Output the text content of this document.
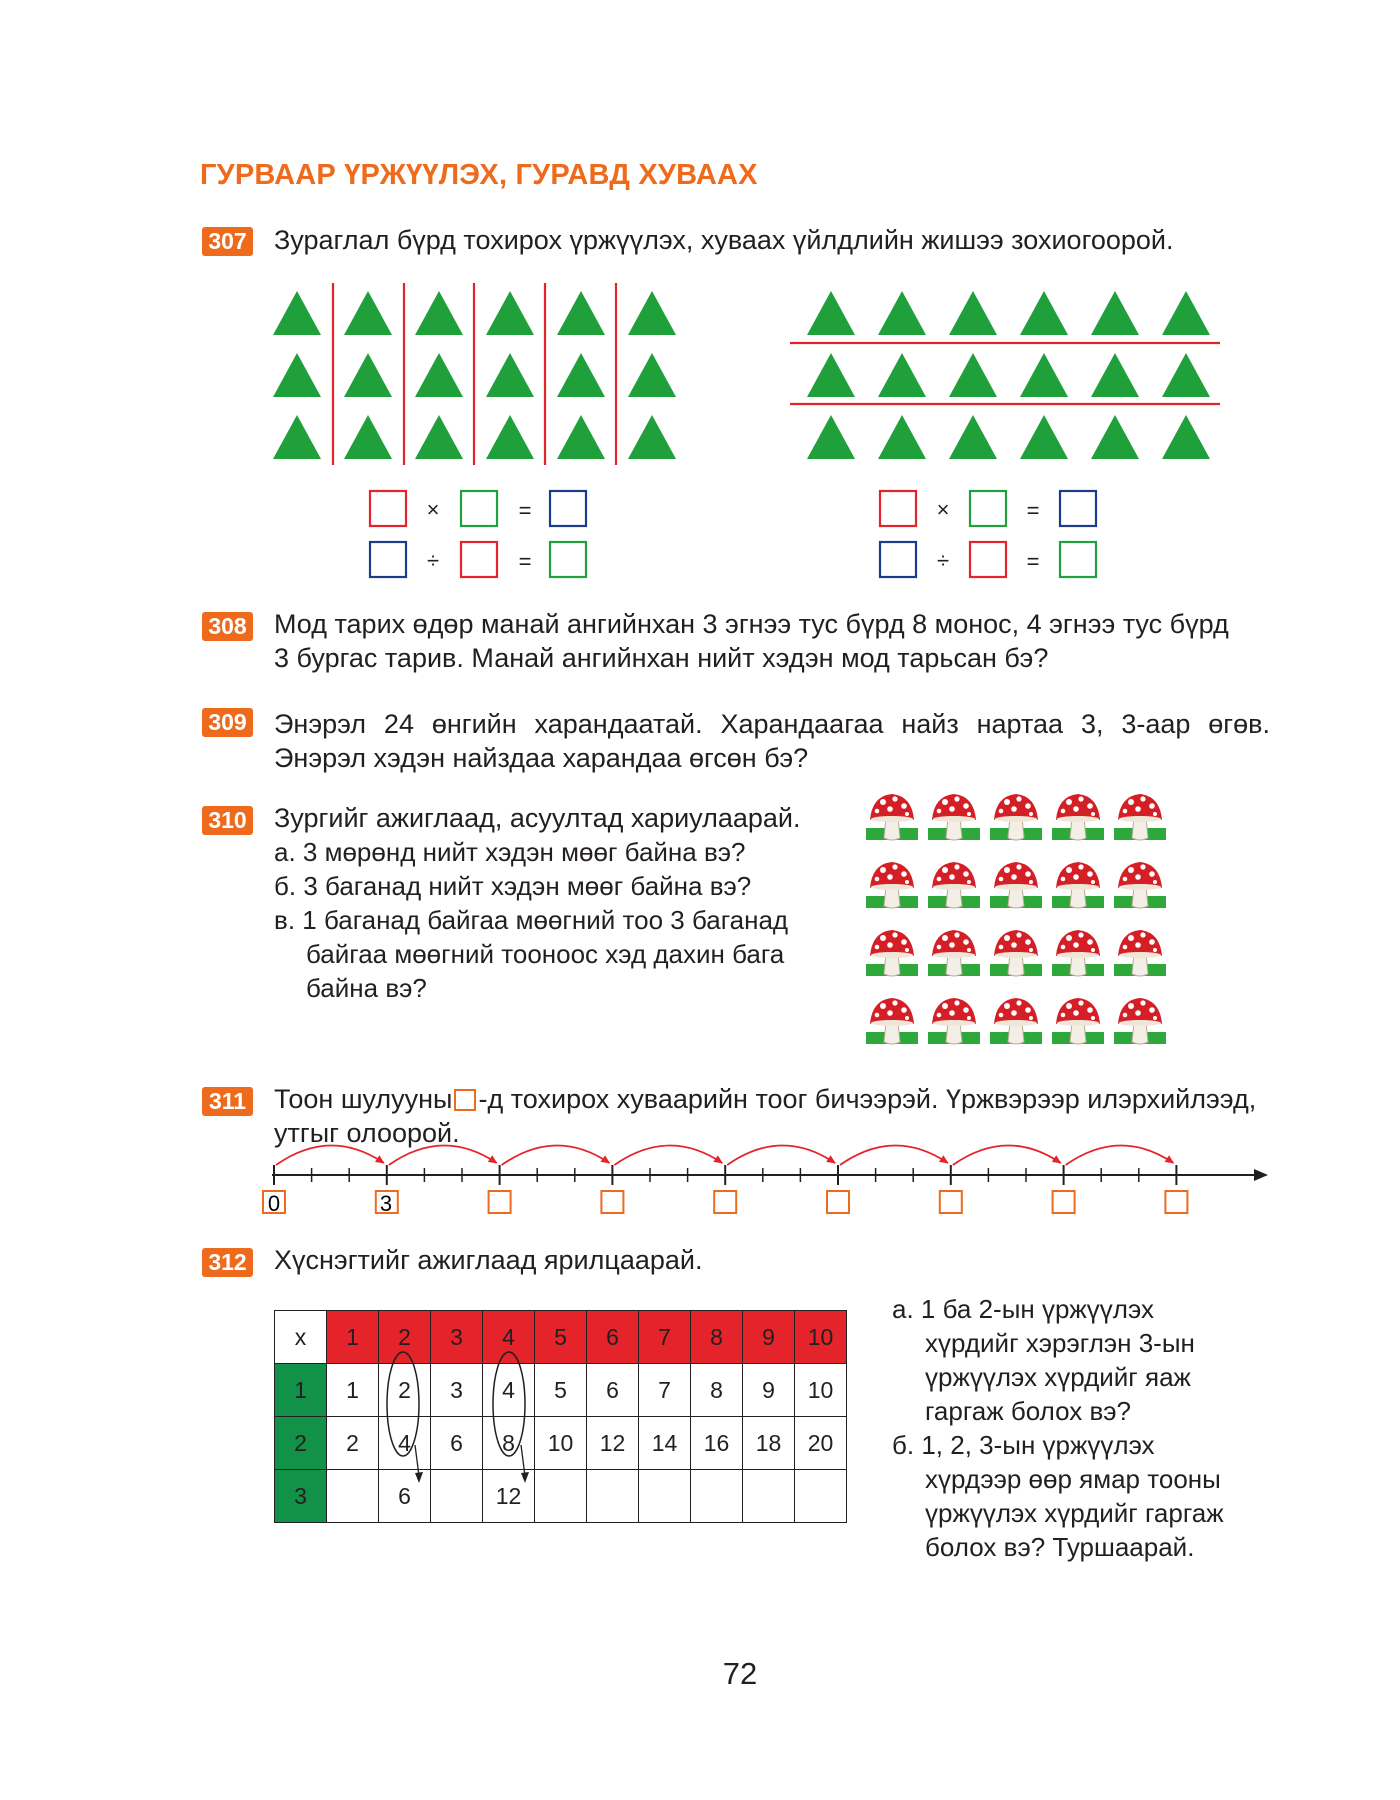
ГУРВААР ҮРЖҮҮЛЭХ, ГУРАВД ХУВААХ
307 Зураглал бүрд тохирох үржүүлэх, хуваах үйлдлийн жишээ зохиогоорой.
×	=
÷	=
×	=
÷	=
308 Мод тарих өдөр манай ангийнхан 3 эгнээ тус бүрд 8 монос, 4 эгнээ тус бүрд
3 бургас тарив. Манай ангийнхан нийт хэдэн мод тарьсан бэ?
309 Энэрэл 24 өнгийн харандаатай. Харандаагаа найз нартаа 3, 3-аар өгөв.
Энэрэл хэдэн найздаа харандаа өгсөн бэ?
310 Зургийг ажиглаад, асуултад хариулаарай.
а. 3 мөрөнд нийт хэдэн мөөг байна вэ?
б. 3 баганад нийт хэдэн мөөг байна вэ?
в. 1 баганад байгаа мөөгний тоо 3 баганад
байгаа мөөгний тооноос хэд дахин бага
байна вэ?
311 Тоон шулууны -д тохирох хуваарийн тоог бичээрэй. Үржвэрээр илэрхийлээд,
утгыг олоорой.
0	3
312 Хүснэгтийг ажиглаад ярилцаарай.
x	1	2	3	4	5	6	7	8	9	10
1	1	2	3	4	5	6	7	8	9	10
2	2	4	6	8	10	12	14	16	18	20
3		6		12						
а. 1 ба 2-ын үржүүлэх
хүрдийг хэрэглэн 3-ын
үржүүлэх хүрдийг яаж
гаргаж болох вэ?
б. 1, 2, 3-ын үржүүлэх
хүрдээр өөр ямар тооны
үржүүлэх хүрдийг гаргаж
болох вэ? Туршаарай.
72
